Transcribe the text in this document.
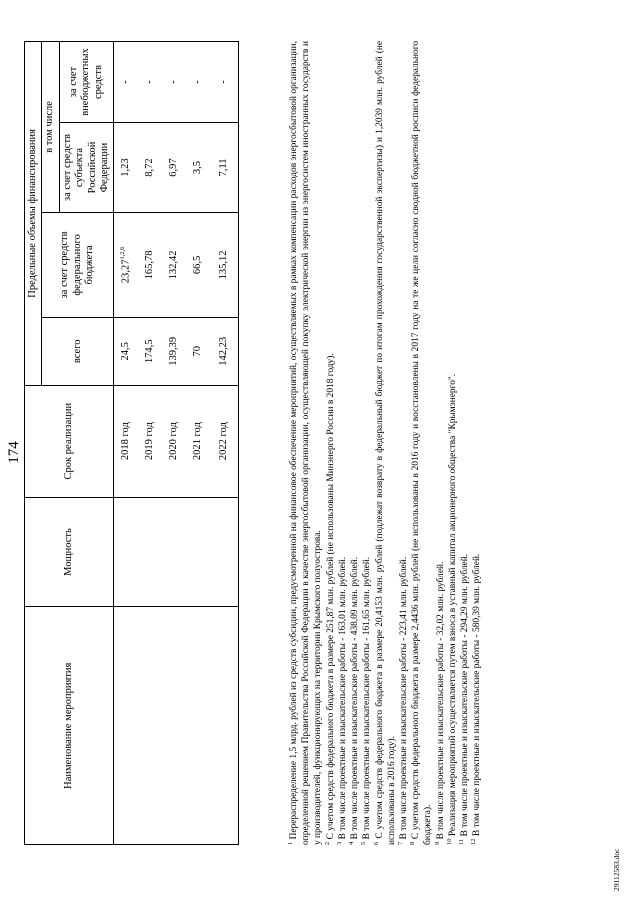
174
Наименование мероприятия	Мощность	Срок реализации	Предельные объемы финансирования			
			всего	за счет средств федерального бюджета	в том числе	
					за счет средств субъекта Российской Федерации	за счет внебюджетных средств
		2018 год	24,5	23,27$^{1,2,6}$	1,23	-
		2019 год	174,5	165,78	8,72	-
		2020 год	139,39	132,42	6,97	-
		2021 год	70	66,5	3,5	-
		2022 год	142,23	135,12	7,11	-

$^1$ Перераспределение 1,5 млрд. рублей из средств субсидии, предусмотренной на финансовое обеспечение мероприятий, осуществляемых в рамках компенсации расходов энергосбытовой организации, определенной решением Правительства Российской Федерации в качестве энергосбытовой организации, осуществляющей покупку электрической энергии из энергосистем иностранных государств и у производителей, функционирующих на территории Крымского полуострова. $^2$ С учетом средств федерального бюджета в размере 251,87 млн. рублей (не использованы Минэнерго России в 2018 году).

$^3$ В том числе проектные и изыскательские работы - 163,01 млн. рублей.

$^4$ В том числе проектные и изыскательские работы - 438,09 млн. рублей.

$^5$ В том числе проектные и изыскательские работы - 161,65 млн. рублей.

$^6$ С учетом средств федерального бюджета в размере 20,4153 млн. рублей (подлежат возврату в федеральный бюджет по итогам прохождения государственной экспертизы) и 1,2039 млн. рублей (не использованы в 2016 году). $^7$ В том числе проектные и изыскательские работы - 223,41 млн. рублей.

$^8$ С учетом средств федерального бюджета в размере 2,4436 млн. рублей (не использованы в 2016 году и восстановлены в 2017 году на те же цели согласно сводной бюджетной росписи федерального бюджета). $^9$ В том числе проектные и изыскательские работы - 32,02 млн. рублей.

$^{10}$ Реализация мероприятий осуществляется путем взноса в уставный капитал акционерного общества "Крымэнерго".

$^{11}$ В том числе проектные и изыскательские работы - 294,29 млн. рублей.

$^{12}$ В том числе проектные и изыскательские работы - 580,39 млн. рублей.

29112583.doc
